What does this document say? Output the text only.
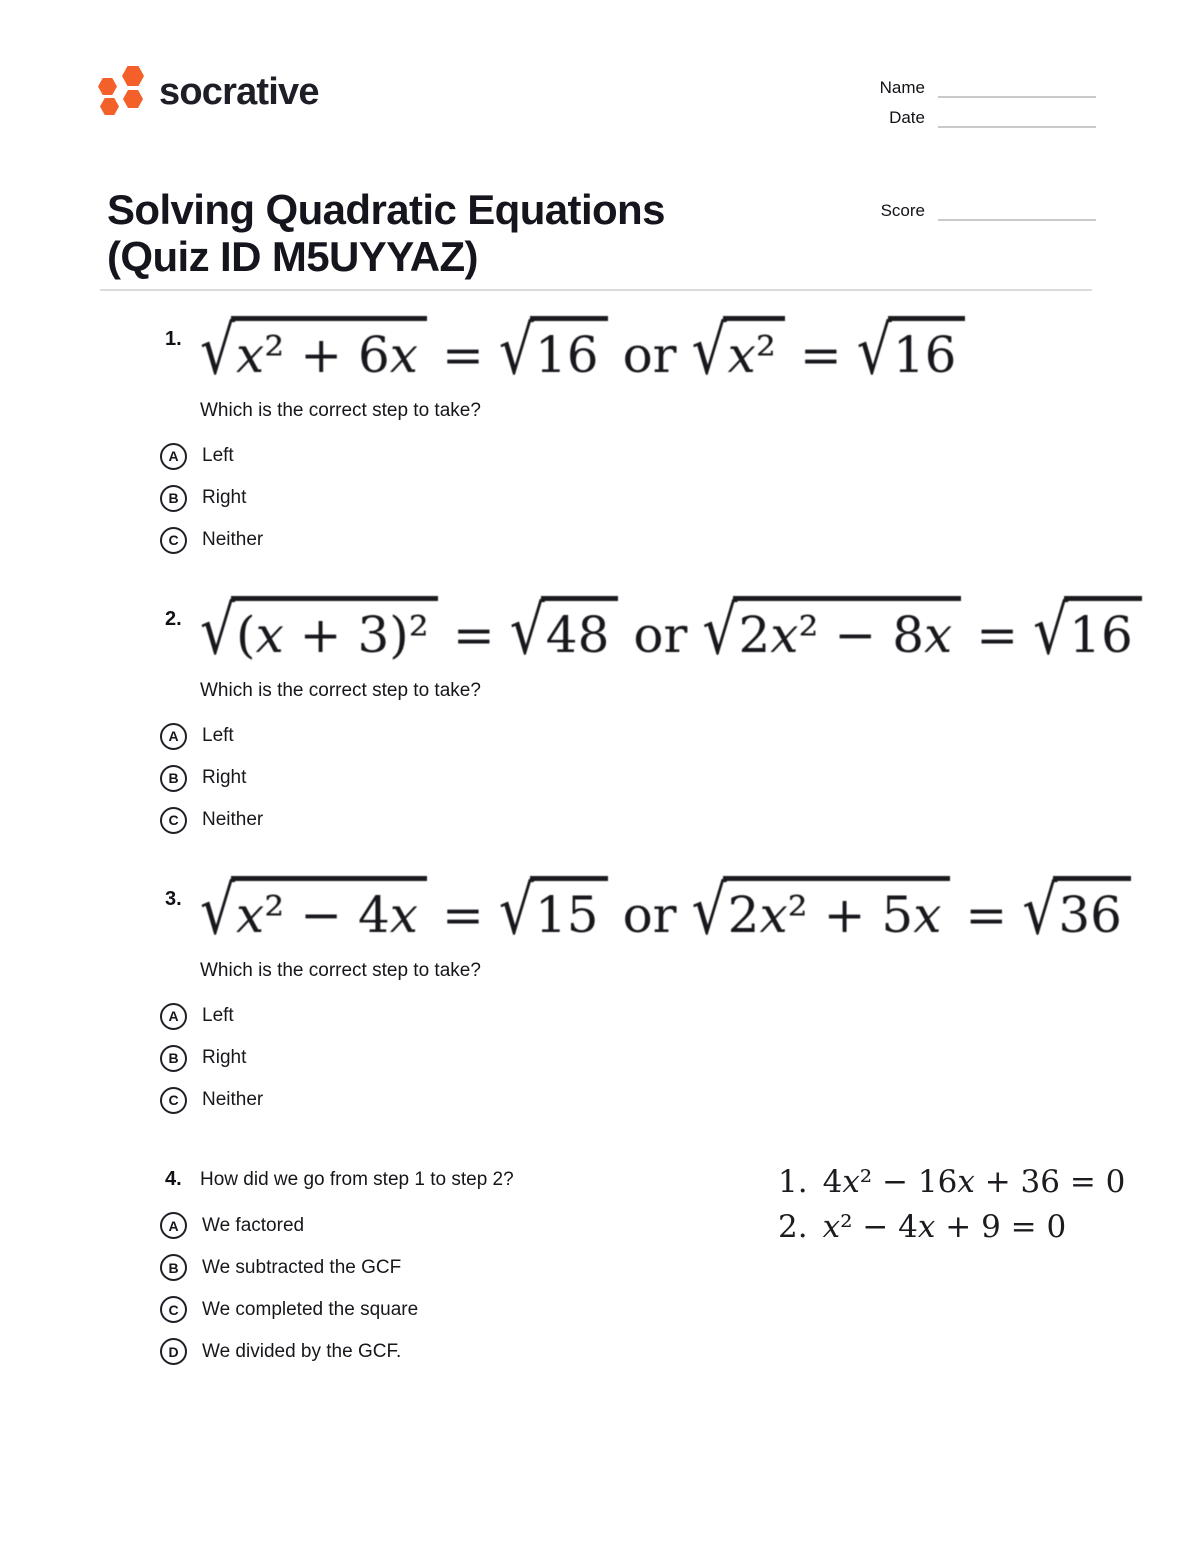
socrative	Name
Date
Solving Quadratic Equations
(Quiz ID M5UYYAZ)
Score
1. √x² + 6x = √16 or √x² = √16
Which is the correct step to take?
A	Left
B	Right
C	Neither
2. √(x + 3)² = √48 or √2x² − 8x = √16
Which is the correct step to take?
A	Left
B	Right
C	Neither
3. √x² − 4x = √15 or √2x² + 5x = √36
Which is the correct step to take?
A	Left
B	Right
C	Neither
4. How did we go from step 1 to step 2?
A	We factored
B	We subtracted the GCF
C	We completed the square
D	We divided by the GCF.
1. 4x² − 16x + 36 = 0
2. x² − 4x + 9 = 0
